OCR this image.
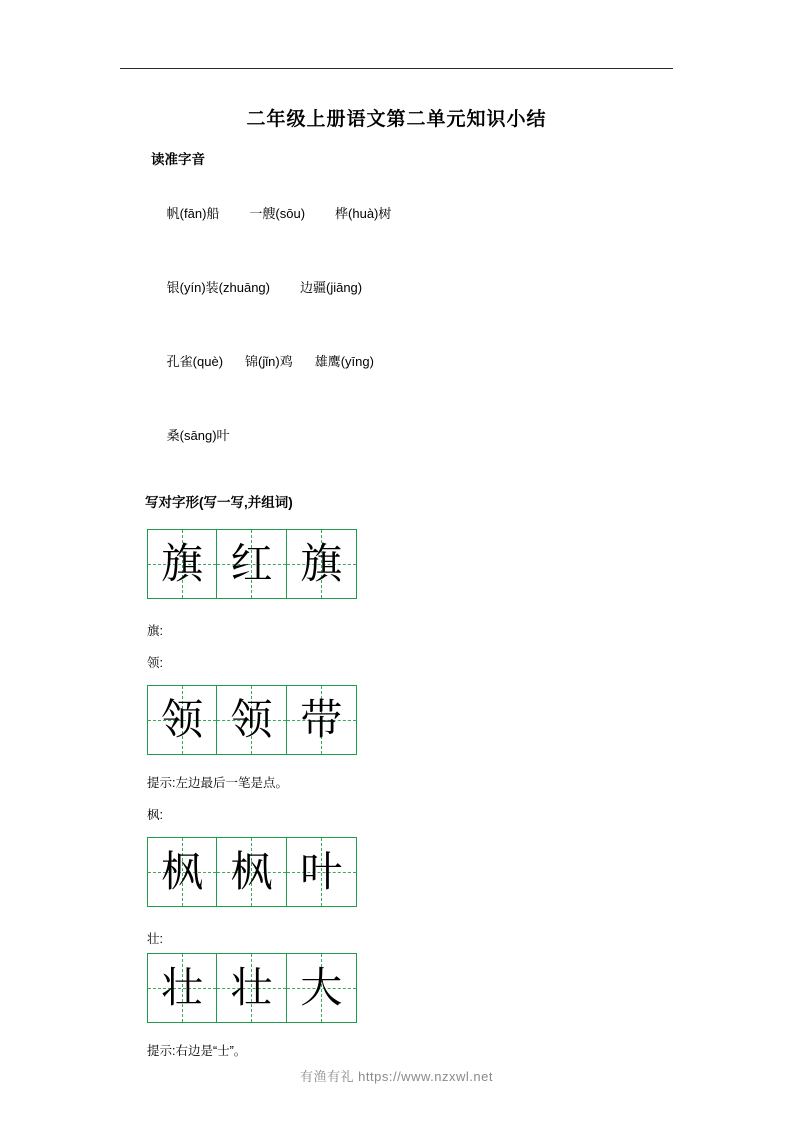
二年级上册语文第二单元知识小结
读准字音

帆(fān)船 一艘(sōu) 桦(huà)树

银(yín)装(zhuāng) 边疆(jiāng)

孔雀(què) 锦(jǐn)鸡 雄鹰(yīng)

桑(sāng)叶

写对字形(写一写,并组词)
旗 红 旗
旗:
领:
领 领 带
提示:左边最后一笔是点。
枫:
枫 枫 叶
壮:
壮 壮 大
提示:右边是“士”。
有渔有礼 https://www.nzxwl.net
